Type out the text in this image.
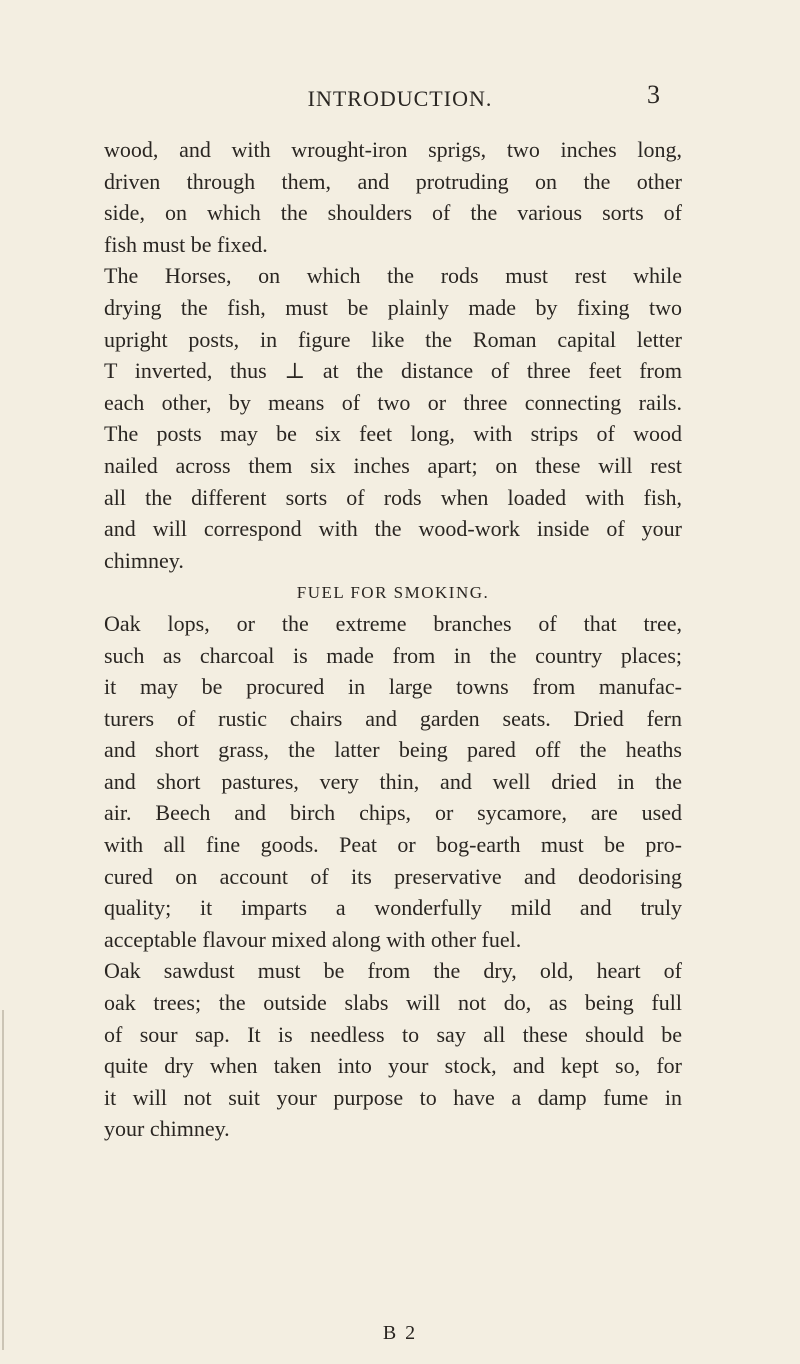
INTRODUCTION.	3
wood, and with wrought-iron sprigs, two inches long,
driven through them, and protruding on the other
side, on which the shoulders of the various sorts of
fish must be fixed.
The Horses, on which the rods must rest while
drying the fish, must be plainly made by fixing two
upright posts, in figure like the Roman capital letter
T inverted, thus ⊥ at the distance of three feet from
each other, by means of two or three connecting rails.
The posts may be six feet long, with strips of wood
nailed across them six inches apart; on these will rest
all the different sorts of rods when loaded with fish,
and will correspond with the wood-work inside of your
chimney.
FUEL FOR SMOKING.
Oak lops, or the extreme branches of that tree,
such as charcoal is made from in the country places;
it may be procured in large towns from manufac-
turers of rustic chairs and garden seats. Dried fern
and short grass, the latter being pared off the heaths
and short pastures, very thin, and well dried in the
air. Beech and birch chips, or sycamore, are used
with all fine goods. Peat or bog-earth must be pro-
cured on account of its preservative and deodorising
quality; it imparts a wonderfully mild and truly
acceptable flavour mixed along with other fuel.
Oak sawdust must be from the dry, old, heart of
oak trees; the outside slabs will not do, as being full
of sour sap. It is needless to say all these should be
quite dry when taken into your stock, and kept so, for
it will not suit your purpose to have a damp fume in
your chimney.
B 2
